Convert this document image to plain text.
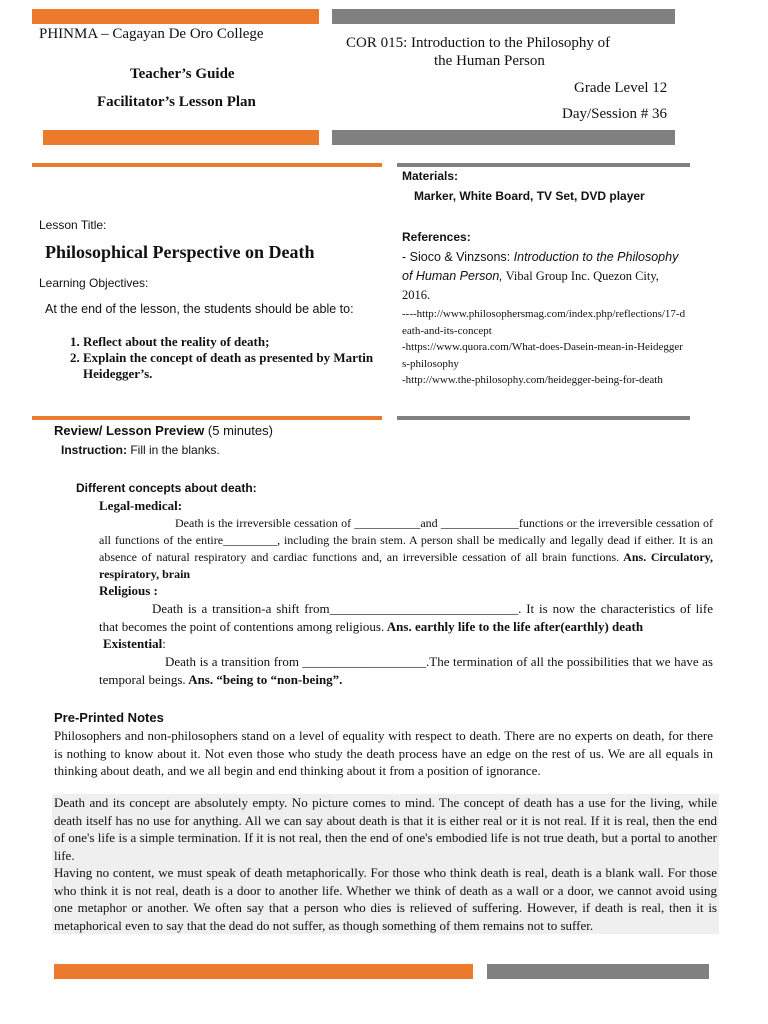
PHINMA – Cagayan De Oro College
Teacher’s Guide
Facilitator’s Lesson Plan
COR 015: Introduction to the Philosophy of
the Human Person
Grade Level 12
Day/Session # 36
Lesson Title:
Philosophical Perspective on Death
Learning Objectives:
At the end of the lesson, the students should be able to:
1. Reflect about the reality of death;
2. Explain the concept of death as presented by Martin Heidegger’s.
Materials:
Marker, White Board, TV Set, DVD player
References:
- Sioco & Vinzsons: Introduction to the Philosophy of Human Person, Vibal Group Inc. Quezon City, 2016.
----http://www.philosophersmag.com/index.php/reflections/17-death-and-its-concept
-https://www.quora.com/What-does-Dasein-mean-in-Heideggers-philosophy
-http://www.the-philosophy.com/heidegger-being-for-death
Review/ Lesson Preview (5 minutes)
Instruction: Fill in the blanks.
Different concepts about death:
Legal-medical:
Death is the irreversible cessation of ___________and _____________functions or the irreversible cessation of all functions of the entire_________, including the brain stem. A person shall be medically and legally dead if either. It is an absence of natural respiratory and cardiac functions and, an irreversible cessation of all brain functions. Ans. Circulatory, respiratory, brain
Religious :
Death is a transition-a shift from_____________________________. It is now the characteristics of life that becomes the point of contentions among religious. Ans. earthly life to the life after(earthly) death
Existential:
Death is a transition from ___________________.The termination of all the possibilities that we have as temporal beings. Ans. “being to “non-being”.
Pre-Printed Notes
Philosophers and non-philosophers stand on a level of equality with respect to death. There are no experts on death, for there is nothing to know about it. Not even those who study the death process have an edge on the rest of us. We are all equals in thinking about death, and we all begin and end thinking about it from a position of ignorance.
Death and its concept are absolutely empty. No picture comes to mind. The concept of death has a use for the living, while death itself has no use for anything. All we can say about death is that it is either real or it is not real. If it is real, then the end of one's life is a simple termination. If it is not real, then the end of one's embodied life is not true death, but a portal to another life.
Having no content, we must speak of death metaphorically. For those who think death is real, death is a blank wall. For those who think it is not real, death is a door to another life. Whether we think of death as a wall or a door, we cannot avoid using one metaphor or another. We often say that a person who dies is relieved of suffering. However, if death is real, then it is metaphorical even to say that the dead do not suffer, as though something of them remains not to suffer.
